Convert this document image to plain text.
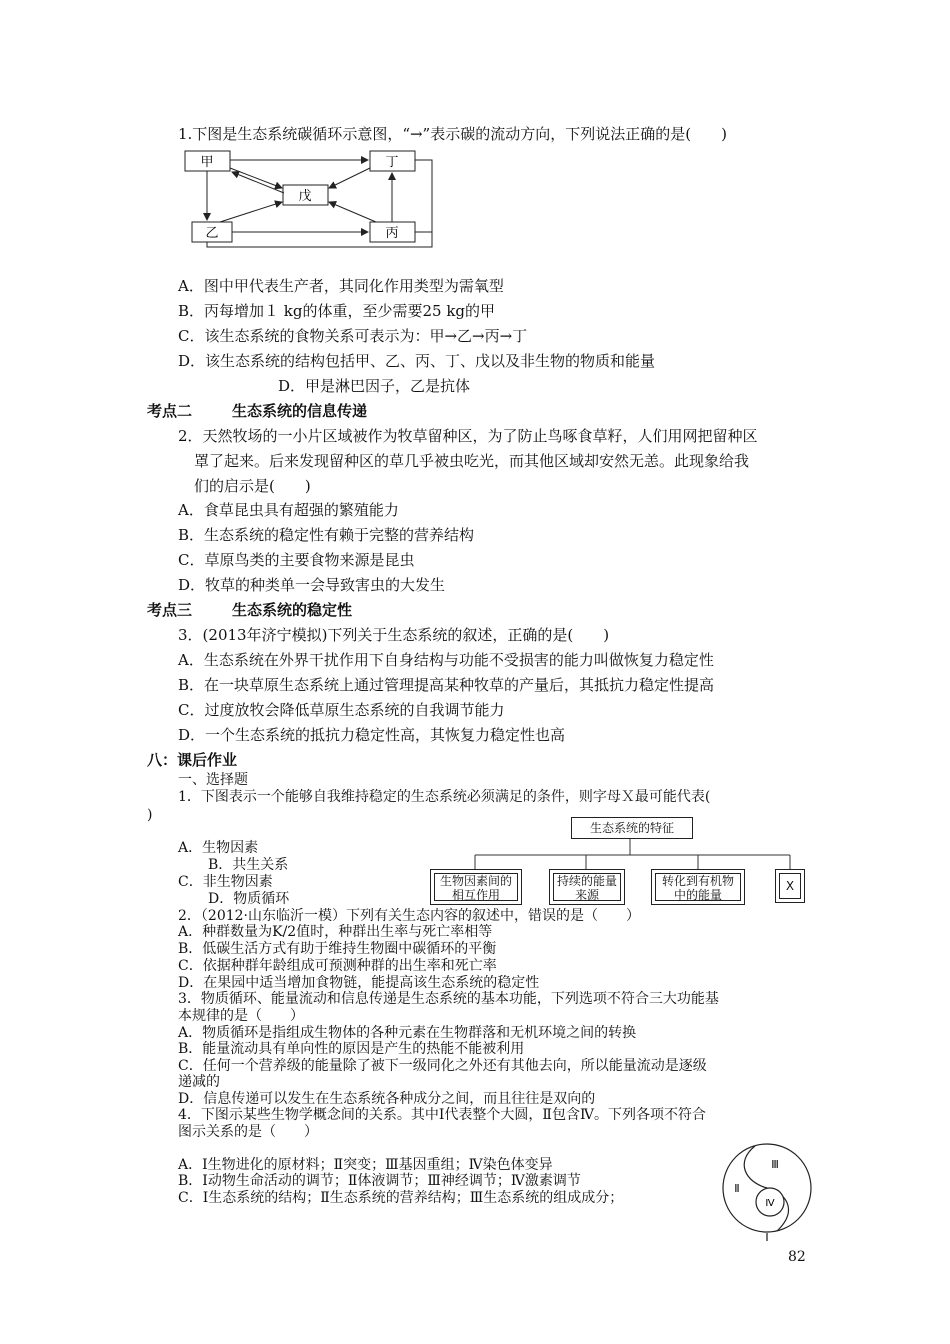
1.下图是生态系统碳循环示意图，“→”表示碳的流动方向，下列说法正确的是(　　)
甲	丁
戊
乙	丙
A．图中甲代表生产者，其同化作用类型为需氧型
B．丙每增加１ kg的体重，至少需要25 kg的甲
C．该生态系统的食物关系可表示为：甲→乙→丙→丁
D．该生态系统的结构包括甲、乙、丙、丁、戊以及非生物的物质和能量
D．甲是淋巴因子，乙是抗体
考点二	生态系统的信息传递
2．天然牧场的一小片区域被作为牧草留种区，为了防止鸟啄食草籽，人们用网把留种区
罩了起来。后来发现留种区的草几乎被虫吃光，而其他区域却安然无恙。此现象给我
们的启示是(　　)
A．食草昆虫具有超强的繁殖能力
B．生态系统的稳定性有赖于完整的营养结构
C．草原鸟类的主要食物来源是昆虫
D．牧草的种类单一会导致害虫的大发生
考点三	生态系统的稳定性
3．(2013年济宁模拟)下列关于生态系统的叙述，正确的是(　　)
A．生态系统在外界干扰作用下自身结构与功能不受损害的能力叫做恢复力稳定性
B．在一块草原生态系统上通过管理提高某种牧草的产量后，其抵抗力稳定性提高
C．过度放牧会降低草原生态系统的自我调节能力
D．一个生态系统的抵抗力稳定性高，其恢复力稳定性也高
八：课后作业
一、选择题
1．下图表示一个能够自我维持稳定的生态系统必须满足的条件，则字母Ｘ最可能代表(
)
A．生物因素
B．共生关系
C．非生物因素
D．物质循环
生态系统的特征
生物因素间的相互作用
持续的能量来源
转化到有机物中的能量
X
2．（2012·山东临沂一模）下列有关生态内容的叙述中，错误的是（　　）
A．种群数量为K/2值时，种群出生率与死亡率相等
B．低碳生活方式有助于维持生物圈中碳循环的平衡
C．依据种群年龄组成可预测种群的出生率和死亡率
D．在果园中适当增加食物链，能提高该生态系统的稳定性
3．物质循环、能量流动和信息传递是生态系统的基本功能，下列选项不符合三大功能基
本规律的是（　　）
A．物质循环是指组成生物体的各种元素在生物群落和无机环境之间的转换
B．能量流动具有单向性的原因是产生的热能不能被利用
C．任何一个营养级的能量除了被下一级同化之外还有其他去向，所以能量流动是逐级
递减的
D．信息传递可以发生在生态系统各种成分之间，而且往往是双向的
4．下图示某些生物学概念间的关系。其中Ⅰ代表整个大圆，Ⅱ包含Ⅳ。下列各项不符合
图示关系的是（　　）
A．Ⅰ生物进化的原材料；Ⅱ突变；Ⅲ基因重组；Ⅳ染色体变异
B．Ⅰ动物生命活动的调节；Ⅱ体液调节；Ⅲ神经调节；Ⅳ激素调节
C．Ⅰ生态系统的结构；Ⅱ生态系统的营养结构；Ⅲ生态系统的组成成分；
Ⅲ
Ⅱ
Ⅳ
Ⅰ
82
